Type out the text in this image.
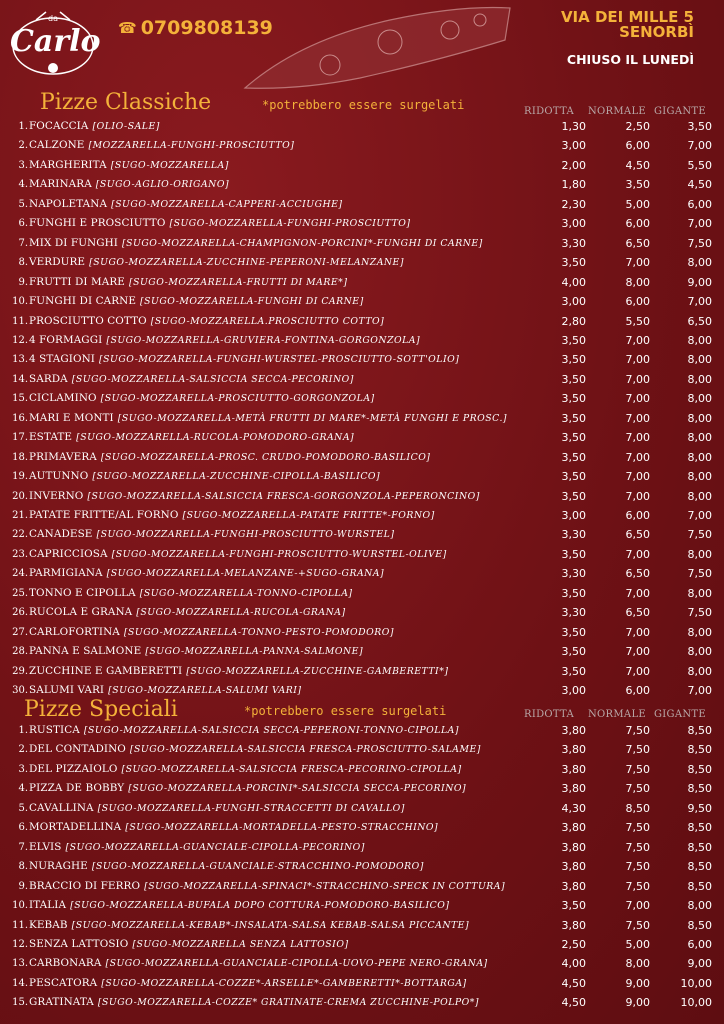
da
Carlo ☎ 0709808139	VIA DEI MILLE 5
SENORBÌ
CHIUSO IL LUNEDÌ
Pizze Classiche	*potrebbero essere surgelati	RIDOTTA NORMALE GIGANTE
1. FOCACCIA [OLIO-SALE]	1,30	2,50	3,50
2. CALZONE [MOZZARELLA-FUNGHI-PROSCIUTTO]	3,00	6,00	7,00
3. MARGHERITA [SUGO-MOZZARELLA]	2,00	4,50	5,50
4. MARINARA [SUGO-AGLIO-ORIGANO]	1,80	3,50	4,50
5. NAPOLETANA [SUGO-MOZZARELLA-CAPPERI-ACCIUGHE]	2,30	5,00	6,00
6. FUNGHI E PROSCIUTTO [SUGO-MOZZARELLA-FUNGHI-PROSCIUTTO]	3,00	6,00	7,00
7. MIX DI FUNGHI [SUGO-MOZZARELLA-CHAMPIGNON-PORCINI*-FUNGHI DI CARNE]	3,30	6,50	7,50
8. VERDURE [SUGO-MOZZARELLA-ZUCCHINE-PEPERONI-MELANZANE]	3,50	7,00	8,00
9. FRUTTI DI MARE [SUGO-MOZZARELLA-FRUTTI DI MARE*]	4,00	8,00	9,00
10. FUNGHI DI CARNE [SUGO-MOZZARELLA-FUNGHI DI CARNE]	3,00	6,00	7,00
11. PROSCIUTTO COTTO [SUGO-MOZZARELLA.PROSCIUTTO COTTO]	2,80	5,50	6,50
12. 4 FORMAGGI [SUGO-MOZZARELLA-GRUVIERA-FONTINA-GORGONZOLA]	3,50	7,00	8,00
13. 4 STAGIONI [SUGO-MOZZARELLA-FUNGHI-WURSTEL-PROSCIUTTO-SOTT'OLIO]	3,50	7,00	8,00
14. SARDA [SUGO-MOZZARELLA-SALSICCIA SECCA-PECORINO]	3,50	7,00	8,00
15. CICLAMINO [SUGO-MOZZARELLA-PROSCIUTTO-GORGONZOLA]	3,50	7,00	8,00
16. MARI E MONTI [SUGO-MOZZARELLA-METÀ FRUTTI DI MARE*-METÀ FUNGHI E PROSC.]	3,50	7,00	8,00
17. ESTATE [SUGO-MOZZARELLA-RUCOLA-POMODORO-GRANA]	3,50	7,00	8,00
18. PRIMAVERA [SUGO-MOZZARELLA-PROSC. CRUDO-POMODORO-BASILICO]	3,50	7,00	8,00
19. AUTUNNO [SUGO-MOZZARELLA-ZUCCHINE-CIPOLLA-BASILICO]	3,50	7,00	8,00
20. INVERNO [SUGO-MOZZARELLA-SALSICCIA FRESCA-GORGONZOLA-PEPERONCINO]	3,50	7,00	8,00
21. PATATE FRITTE/AL FORNO [SUGO-MOZZARELLA-PATATE FRITTE*-FORNO]	3,00	6,00	7,00
22. CANADESE [SUGO-MOZZARELLA-FUNGHI-PROSCIUTTO-WURSTEL]	3,30	6,50	7,50
23. CAPRICCIOSA [SUGO-MOZZARELLA-FUNGHI-PROSCIUTTO-WURSTEL-OLIVE]	3,50	7,00	8,00
24. PARMIGIANA [SUGO-MOZZARELLA-MELANZANE-+SUGO-GRANA]	3,30	6,50	7,50
25. TONNO E CIPOLLA [SUGO-MOZZARELLA-TONNO-CIPOLLA]	3,50	7,00	8,00
26. RUCOLA E GRANA [SUGO-MOZZARELLA-RUCOLA-GRANA]	3,30	6,50	7,50
27. CARLOFORTINA [SUGO-MOZZARELLA-TONNO-PESTO-POMODORO]	3,50	7,00	8,00
28. PANNA E SALMONE [SUGO-MOZZARELLA-PANNA-SALMONE]	3,50	7,00	8,00
29. ZUCCHINE E GAMBERETTI [SUGO-MOZZARELLA-ZUCCHINE-GAMBERETTI*]	3,50	7,00	8,00
30. SALUMI VARI [SUGO-MOZZARELLA-SALUMI VARI]	3,00	6,00	7,00
Pizze Speciali	*potrebbero essere surgelati	RIDOTTA NORMALE GIGANTE
1. RUSTICA [SUGO-MOZZARELLA-SALSICCIA SECCA-PEPERONI-TONNO-CIPOLLA]	3,80	7,50	8,50
2. DEL CONTADINO [SUGO-MOZZARELLA-SALSICCIA FRESCA-PROSCIUTTO-SALAME]	3,80	7,50	8,50
3. DEL PIZZAIOLO [SUGO-MOZZARELLA-SALSICCIA FRESCA-PECORINO-CIPOLLA]	3,80	7,50	8,50
4. PIZZA DE BOBBY [SUGO-MOZZARELLA-PORCINI*-SALSICCIA SECCA-PECORINO]	3,80	7,50	8,50
5. CAVALLINA [SUGO-MOZZARELLA-FUNGHI-STRACCETTI DI CAVALLO]	4,30	8,50	9,50
6. MORTADELLINA [SUGO-MOZZARELLA-MORTADELLA-PESTO-STRACCHINO]	3,80	7,50	8,50
7. ELVIS [SUGO-MOZZARELLA-GUANCIALE-CIPOLLA-PECORINO]	3,80	7,50	8,50
8. NURAGHE [SUGO-MOZZARELLA-GUANCIALE-STRACCHINO-POMODORO]	3,80	7,50	8,50
9. BRACCIO DI FERRO [SUGO-MOZZARELLA-SPINACI*-STRACCHINO-SPECK IN COTTURA]	3,80	7,50	8,50
10. ITALIA [SUGO-MOZZARELLA-BUFALA DOPO COTTURA-POMODORO-BASILICO]	3,50	7,00	8,00
11. KEBAB [SUGO-MOZZARELLA-KEBAB*-INSALATA-SALSA KEBAB-SALSA PICCANTE]	3,80	7,50	8,50
12. SENZA LATTOSIO [SUGO-MOZZARELLA SENZA LATTOSIO]	2,50	5,00	6,00
13. CARBONARA [SUGO-MOZZARELLA-GUANCIALE-CIPOLLA-UOVO-PEPE NERO-GRANA]	4,00	8,00	9,00
14. PESCATORA [SUGO-MOZZARELLA-COZZE*-ARSELLE*-GAMBERETTI*-BOTTARGA]	4,50	9,00	10,00
15. GRATINATA [SUGO-MOZZARELLA-COZZE* GRATINATE-CREMA ZUCCHINE-POLPO*]	4,50	9,00	10,00
